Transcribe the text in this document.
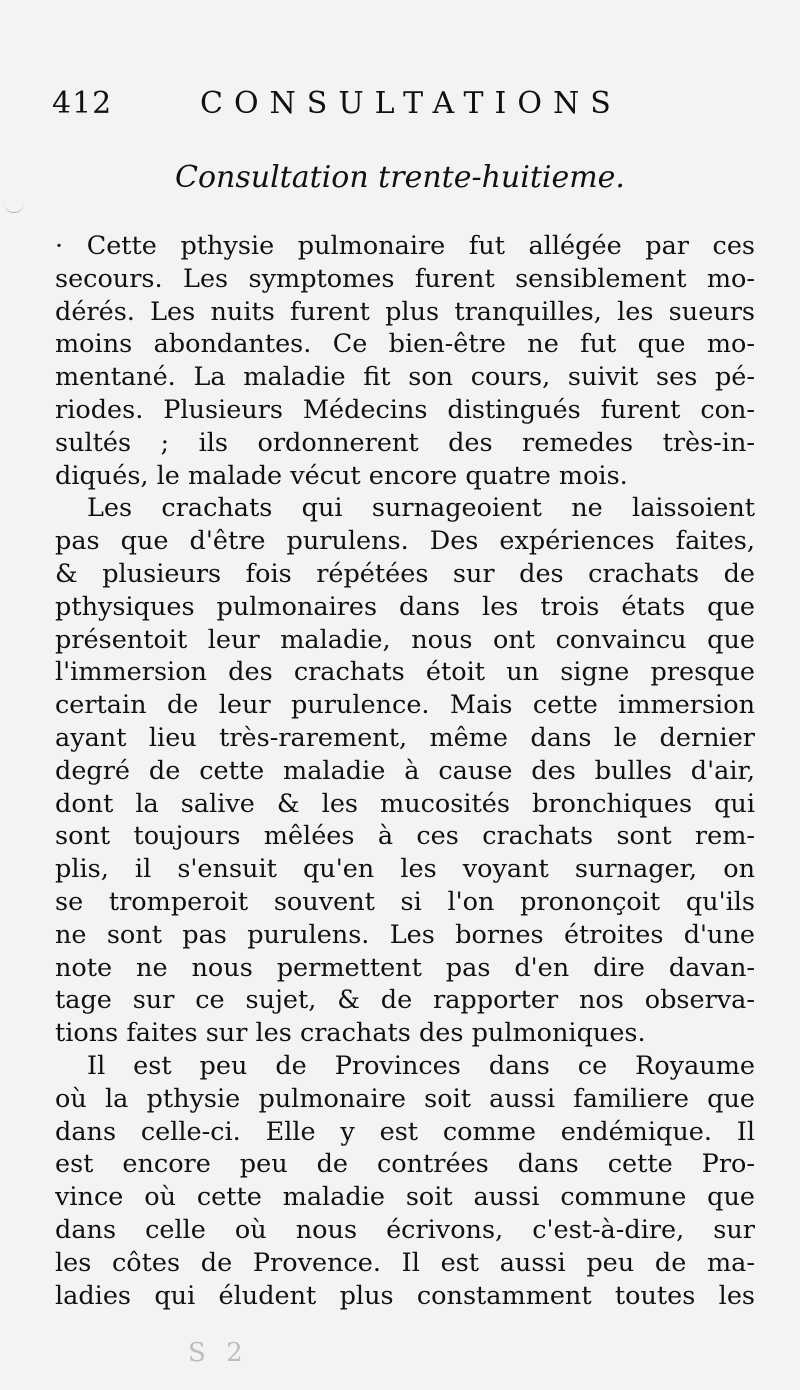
412	CONSULTATIONS
Consultation trente-huitieme.
· Cette pthysie pulmonaire fut allégée par ces
secours. Les symptomes furent sensiblement mo-
dérés. Les nuits furent plus tranquilles, les sueurs
moins abondantes. Ce bien-être ne fut que mo-
mentané. La maladie fit son cours, suivit ses pé-
riodes. Plusieurs Médecins distingués furent con-
sultés ; ils ordonnerent des remedes très-in-
diqués, le malade vécut encore quatre mois.
Les crachats qui surnageoient ne laissoient
pas que d'être purulens. Des expériences faites,
& plusieurs fois répétées sur des crachats de
pthysiques pulmonaires dans les trois états que
présentoit leur maladie, nous ont convaincu que
l'immersion des crachats étoit un signe presque
certain de leur purulence. Mais cette immersion
ayant lieu très-rarement, même dans le dernier
degré de cette maladie à cause des bulles d'air,
dont la salive & les mucosités bronchiques qui
sont toujours mêlées à ces crachats sont rem-
plis, il s'ensuit qu'en les voyant surnager, on
se tromperoit souvent si l'on prononçoit qu'ils
ne sont pas purulens. Les bornes étroites d'une
note ne nous permettent pas d'en dire davan-
tage sur ce sujet, & de rapporter nos observa-
tions faites sur les crachats des pulmoniques.
Il est peu de Provinces dans ce Royaume
où la pthysie pulmonaire soit aussi familiere que
dans celle-ci. Elle y est comme endémique. Il
est encore peu de contrées dans cette Pro-
vince où cette maladie soit aussi commune que
dans celle où nous écrivons, c'est-à-dire, sur
les côtes de Provence. Il est aussi peu de ma-
ladies qui éludent plus constamment toutes les
S 2
